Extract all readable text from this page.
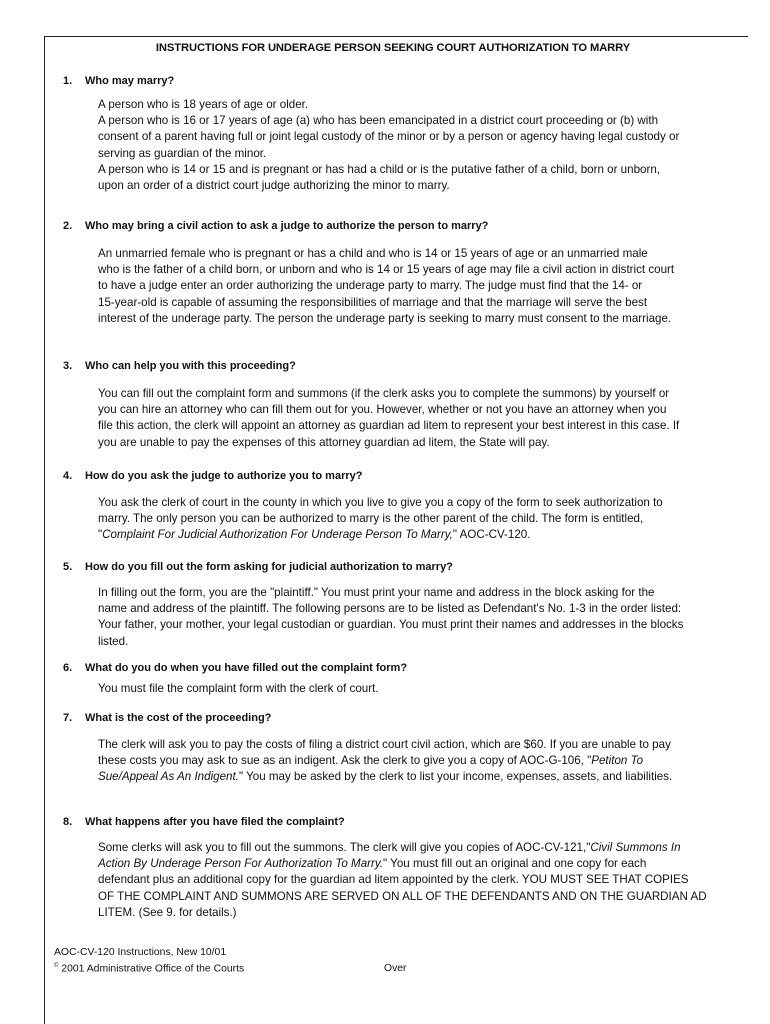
INSTRUCTIONS FOR UNDERAGE PERSON SEEKING COURT AUTHORIZATION TO MARRY
1. Who may marry?
A person who is 18 years of age or older.
A person who is 16 or 17 years of age (a) who has been emancipated in a district court proceeding or (b) with
consent of a parent having full or joint legal custody of the minor or by a person or agency having legal custody or
serving as guardian of the minor.
A person who is 14 or 15 and is pregnant or has had a child or is the putative father of a child, born or unborn,
upon an order of a district court judge authorizing the minor to marry.
2. Who may bring a civil action to ask a judge to authorize the person to marry?
An unmarried female who is pregnant or has a child and who is 14 or 15 years of age or an unmarried male
who is the father of a child born, or unborn and who is 14 or 15 years of age may file a civil action in district court
to have a judge enter an order authorizing the underage party to marry. The judge must find that the 14- or
15-year-old is capable of assuming the responsibilities of marriage and that the marriage will serve the best
interest of the underage party. The person the underage party is seeking to marry must consent to the marriage.
3. Who can help you with this proceeding?
You can fill out the complaint form and summons (if the clerk asks you to complete the summons) by yourself or
you can hire an attorney who can fill them out for you. However, whether or not you have an attorney when you
file this action, the clerk will appoint an attorney as guardian ad litem to represent your best interest in this case. If
you are unable to pay the expenses of this attorney guardian ad litem, the State will pay.
4. How do you ask the judge to authorize you to marry?
You ask the clerk of court in the county in which you live to give you a copy of the form to seek authorization to
marry. The only person you can be authorized to marry is the other parent of the child. The form is entitled,
"Complaint For Judicial Authorization For Underage Person To Marry," AOC-CV-120.
5. How do you fill out the form asking for judicial authorization to marry?
In filling out the form, you are the "plaintiff." You must print your name and address in the block asking for the
name and address of the plaintiff. The following persons are to be listed as Defendant's No. 1-3 in the order listed:
Your father, your mother, your legal custodian or guardian. You must print their names and addresses in the blocks
listed.
6. What do you do when you have filled out the complaint form?
You must file the complaint form with the clerk of court.
7. What is the cost of the proceeding?
The clerk will ask you to pay the costs of filing a district court civil action, which are $60. If you are unable to pay
these costs you may ask to sue as an indigent. Ask the clerk to give you a copy of AOC-G-106, "Petiton To
Sue/Appeal As An Indigent." You may be asked by the clerk to list your income, expenses, assets, and liabilities.
8. What happens after you have filed the complaint?
Some clerks will ask you to fill out the summons. The clerk will give you copies of AOC-CV-121,"Civil Summons In
Action By Underage Person For Authorization To Marry." You must fill out an original and one copy for each
defendant plus an additional copy for the guardian ad litem appointed by the clerk. YOU MUST SEE THAT COPIES
OF THE COMPLAINT AND SUMMONS ARE SERVED ON ALL OF THE DEFENDANTS AND ON THE GUARDIAN AD
LITEM. (See 9. for details.)
AOC-CV-120 Instructions, New 10/01
© 2001 Administrative Office of the Courts	Over
